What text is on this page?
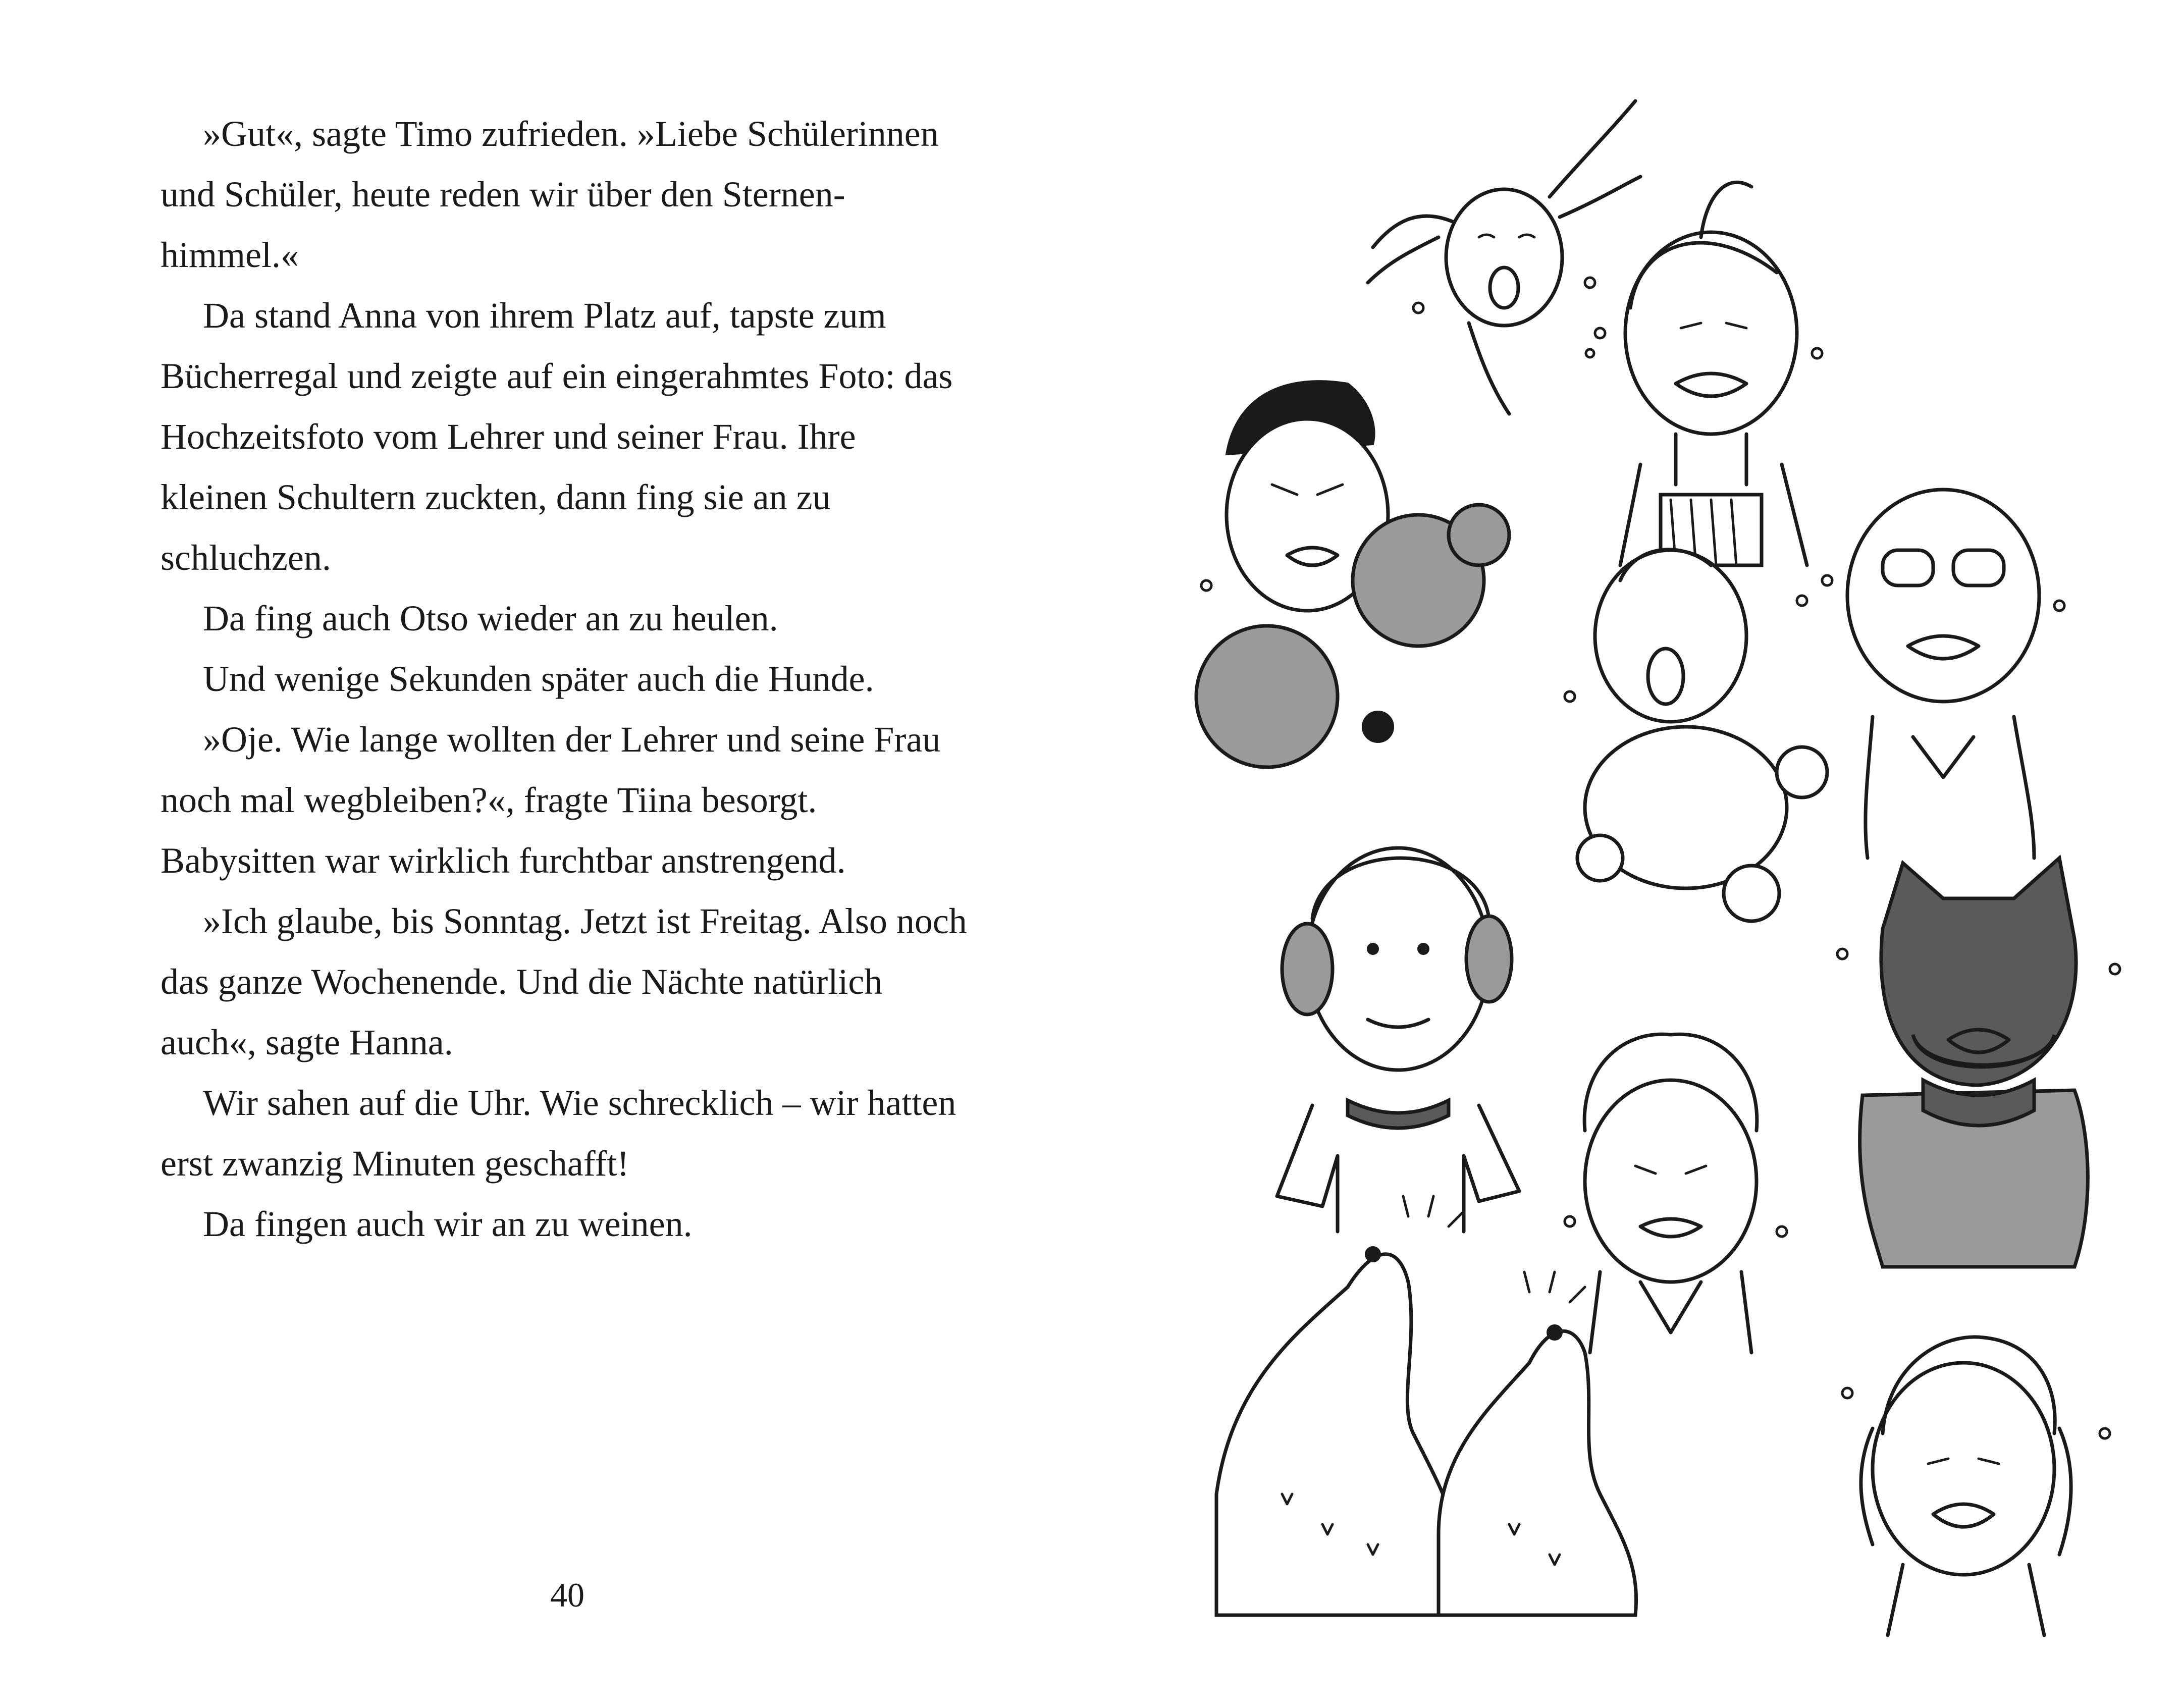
»Gut«, sagte Timo zufrieden. »Liebe Schülerinnen und Schüler, heute reden wir über den Sternenhimmel.«

Da stand Anna von ihrem Platz auf, tapste zum Bücherregal und zeigte auf ein eingerahmtes Foto: das Hochzeitsfoto vom Lehrer und seiner Frau. Ihre kleinen Schultern zuckten, dann fing sie an zu schluchzen.

Da fing auch Otso wieder an zu heulen.

Und wenige Sekunden später auch die Hunde.

»Oje. Wie lange wollten der Lehrer und seine Frau noch mal wegbleiben?«, fragte Tiina besorgt. Babysitten war wirklich furchtbar anstrengend.

»Ich glaube, bis Sonntag. Jetzt ist Freitag. Also noch das ganze Wochenende. Und die Nächte natürlich auch«, sagte Hanna.

Wir sahen auf die Uhr. Wie schrecklich – wir hatten erst zwanzig Minuten geschafft!

Da fingen auch wir an zu weinen.

40
